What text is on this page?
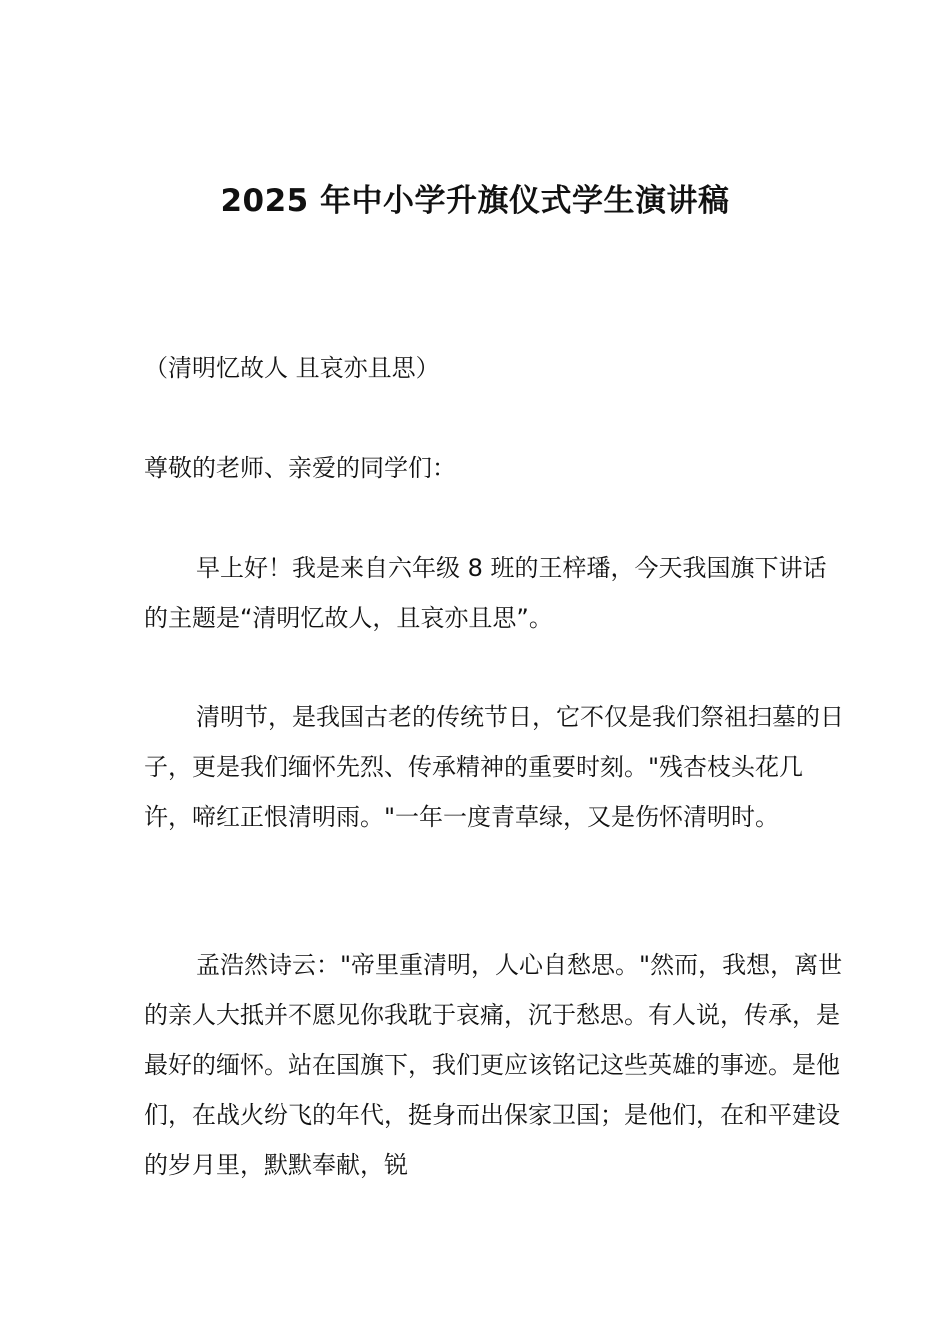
2025 年中小学升旗仪式学生演讲稿

（清明忆故人 且哀亦且思）

尊敬的老师、亲爱的同学们：

早上好！我是来自六年级 8 班的王梓璠，今天我国旗下讲话的主题是“清明忆故人，且哀亦且思”。

清明节，是我国古老的传统节日，它不仅是我们祭祖扫墓的日子，更是我们缅怀先烈、传承精神的重要时刻。"残杏枝头花几许，啼红正恨清明雨。"一年一度青草绿，又是伤怀清明时。

孟浩然诗云："帝里重清明，人心自愁思。"然而，我想，离世的亲人大抵并不愿见你我耽于哀痛，沉于愁思。有人说，传承，是最好的缅怀。站在国旗下，我们更应该铭记这些英雄的事迹。是他们，在战火纷飞的年代，挺身而出保家卫国；是他们，在和平建设的岁月里，默默奉献，锐
